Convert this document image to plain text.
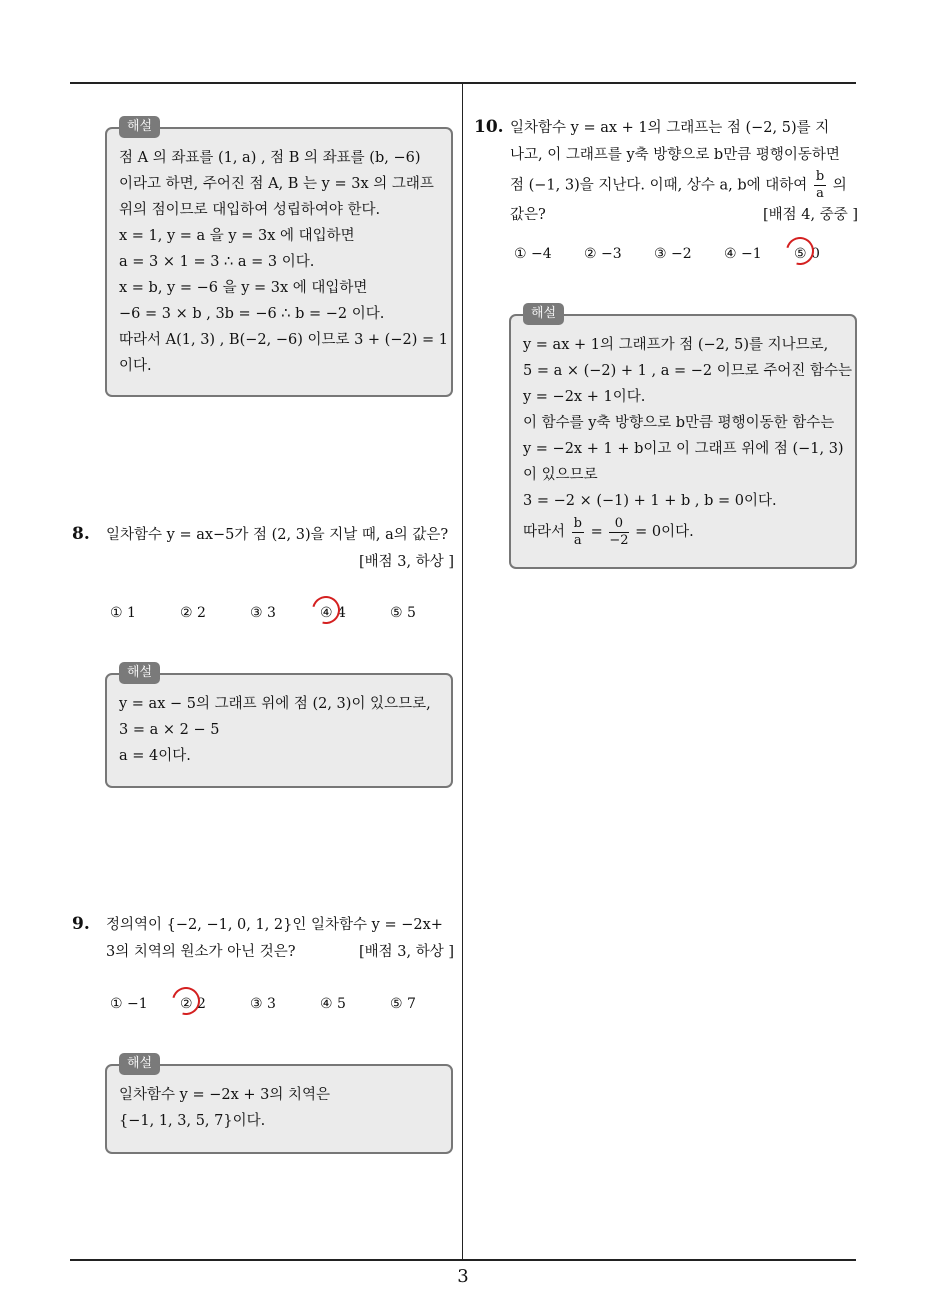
해설
점 A 의 좌표를 (1, a) , 점 B 의 좌표를 (b, −6)
이라고 하면, 주어진 점 A, B 는 y = 3x 의 그래프
위의 점이므로 대입하여 성립하여야 한다.
x = 1, y = a 을 y = 3x 에 대입하면
a = 3 × 1 = 3 ∴ a = 3 이다.
x = b, y = −6 을 y = 3x 에 대입하면
−6 = 3 × b , 3b = −6 ∴ b = −2 이다.
따라서 A(1, 3) , B(−2, −6) 이므로 3 + (−2) = 1
이다.
8. 일차함수 y = ax−5가 점 (2, 3)을 지날 때, a의 값은?
[배점 3, 하상 ]
① 1	② 2	③ 3	④ 4	⑤ 5
해설
y = ax − 5의 그래프 위에 점 (2, 3)이 있으므로,
3 = a × 2 − 5
a = 4이다.
9. 정의역이 {−2, −1, 0, 1, 2}인 일차함수 y = −2x+
3의 치역의 원소가 아닌 것은?	[배점 3, 하상 ]
① −1 ② 2	③ 3	④ 5	⑤ 7
해설
일차함수 y = −2x + 3의 치역은
{−1, 1, 3, 5, 7}이다.
10. 일차함수 y = ax + 1의 그래프는 점 (−2, 5)를 지
나고, 이 그래프를 y축 방향으로 b만큼 평행이동하면
점 (−1, 3)을 지난다. 이때, 상수 a, b에 대하여 $\frac{b}{a}$ 의
값은?	[배점 4, 중중 ]
① −4 ② −3 ③ −2 ④ −1 ⑤ 0
해설
y = ax + 1의 그래프가 점 (−2, 5)를 지나므로,
5 = a × (−2) + 1 , a = −2 이므로 주어진 함수는
y = −2x + 1이다.
이 함수를 y축 방향으로 b만큼 평행이동한 함수는
y = −2x + 1 + b이고 이 그래프 위에 점 (−1, 3)
이 있으므로
3 = −2 × (−1) + 1 + b , b = 0이다.
따라서 $\frac{b}{a} = \frac{0}{-2} = 0$이다.
3
